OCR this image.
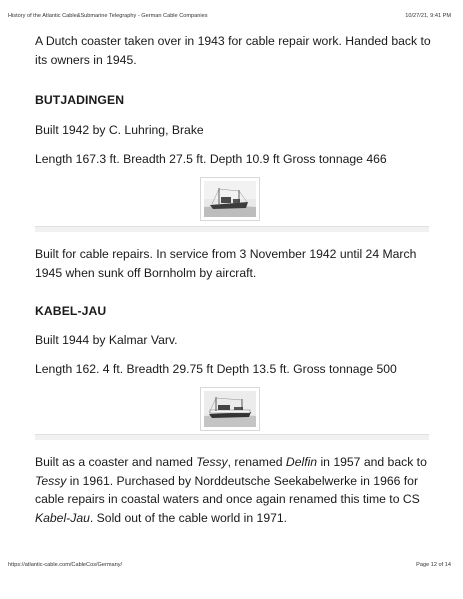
History of the Atlantic Cable&Submarine Telegraphy - German Cable Companies	10/27/21, 9:41 PM

A Dutch coaster taken over in 1943 for cable repair work. Handed back to its owners in 1945.

BUTJADINGEN

Built 1942 by C. Luhring, Brake

Length 167.3 ft. Breadth 27.5 ft. Depth 10.9 ft Gross tonnage 466

Built for cable repairs. In service from 3 November 1942 until 24 March 1945 when sunk off Bornholm by aircraft.

KABEL-JAU

Built 1944 by Kalmar Varv.

Length 162. 4 ft. Breadth 29.75 ft Depth 13.5 ft. Gross tonnage 500

Built as a coaster and named Tessy, renamed Delfin in 1957 and back to Tessy in 1961. Purchased by Norddeutsche Seekabelwerke in 1966 for cable repairs in coastal waters and once again renamed this time to CS Kabel-Jau. Sold out of the cable world in 1971.

https://atlantic-cable.com/CableCos/Germany/	Page 12 of 14
